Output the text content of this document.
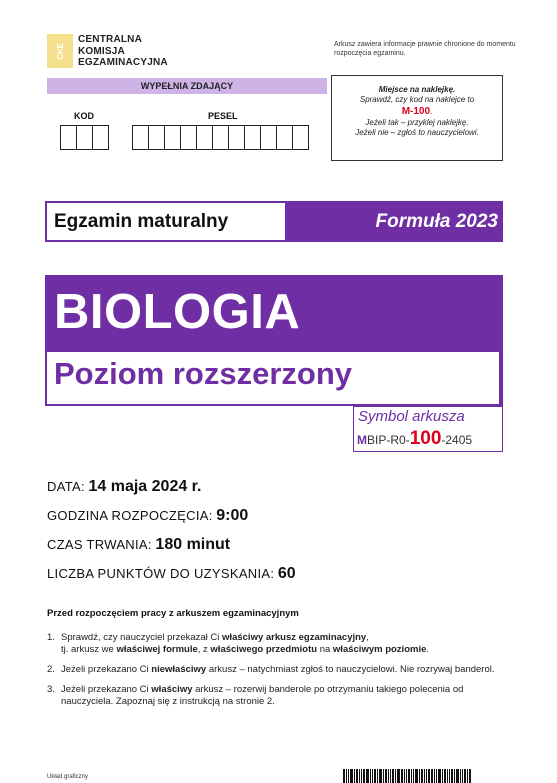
CKE
CENTRALNA
KOMISJA
EGZAMINACYJNA
Arkusz zawiera informacje prawnie chronione do momentu rozpoczęcia egzaminu.
WYPEŁNIA ZDAJĄCY
KOD	PESEL
Miejsce na naklejkę.
Sprawdź, czy kod na naklejce to
M-100.
Jeżeli tak – przyklej naklejkę.
Jeżeli nie – zgłoś to nauczycielowi.
Egzamin maturalny	Formuła 2023
BIOLOGIA
Poziom rozszerzony
Symbol arkusza
MBIP-R0-100-2405
DATA: 14 maja 2024 r.
GODZINA ROZPOCZĘCIA: 9:00
CZAS TRWANIA: 180 minut
LICZBA PUNKTÓW DO UZYSKANIA: 60
Przed rozpoczęciem pracy z arkuszem egzaminacyjnym
1. Sprawdź, czy nauczyciel przekazał Ci właściwy arkusz egzaminacyjny,
tj. arkusz we właściwej formule, z właściwego przedmiotu na właściwym poziomie.
2. Jeżeli przekazano Ci niewłaściwy arkusz – natychmiast zgłoś to nauczycielowi. Nie rozrywaj banderol.
3. Jeżeli przekazano Ci właściwy arkusz – rozerwij banderole po otrzymaniu takiego polecenia od nauczyciela. Zapoznaj się z instrukcją na stronie 2.
Układ graficzny
